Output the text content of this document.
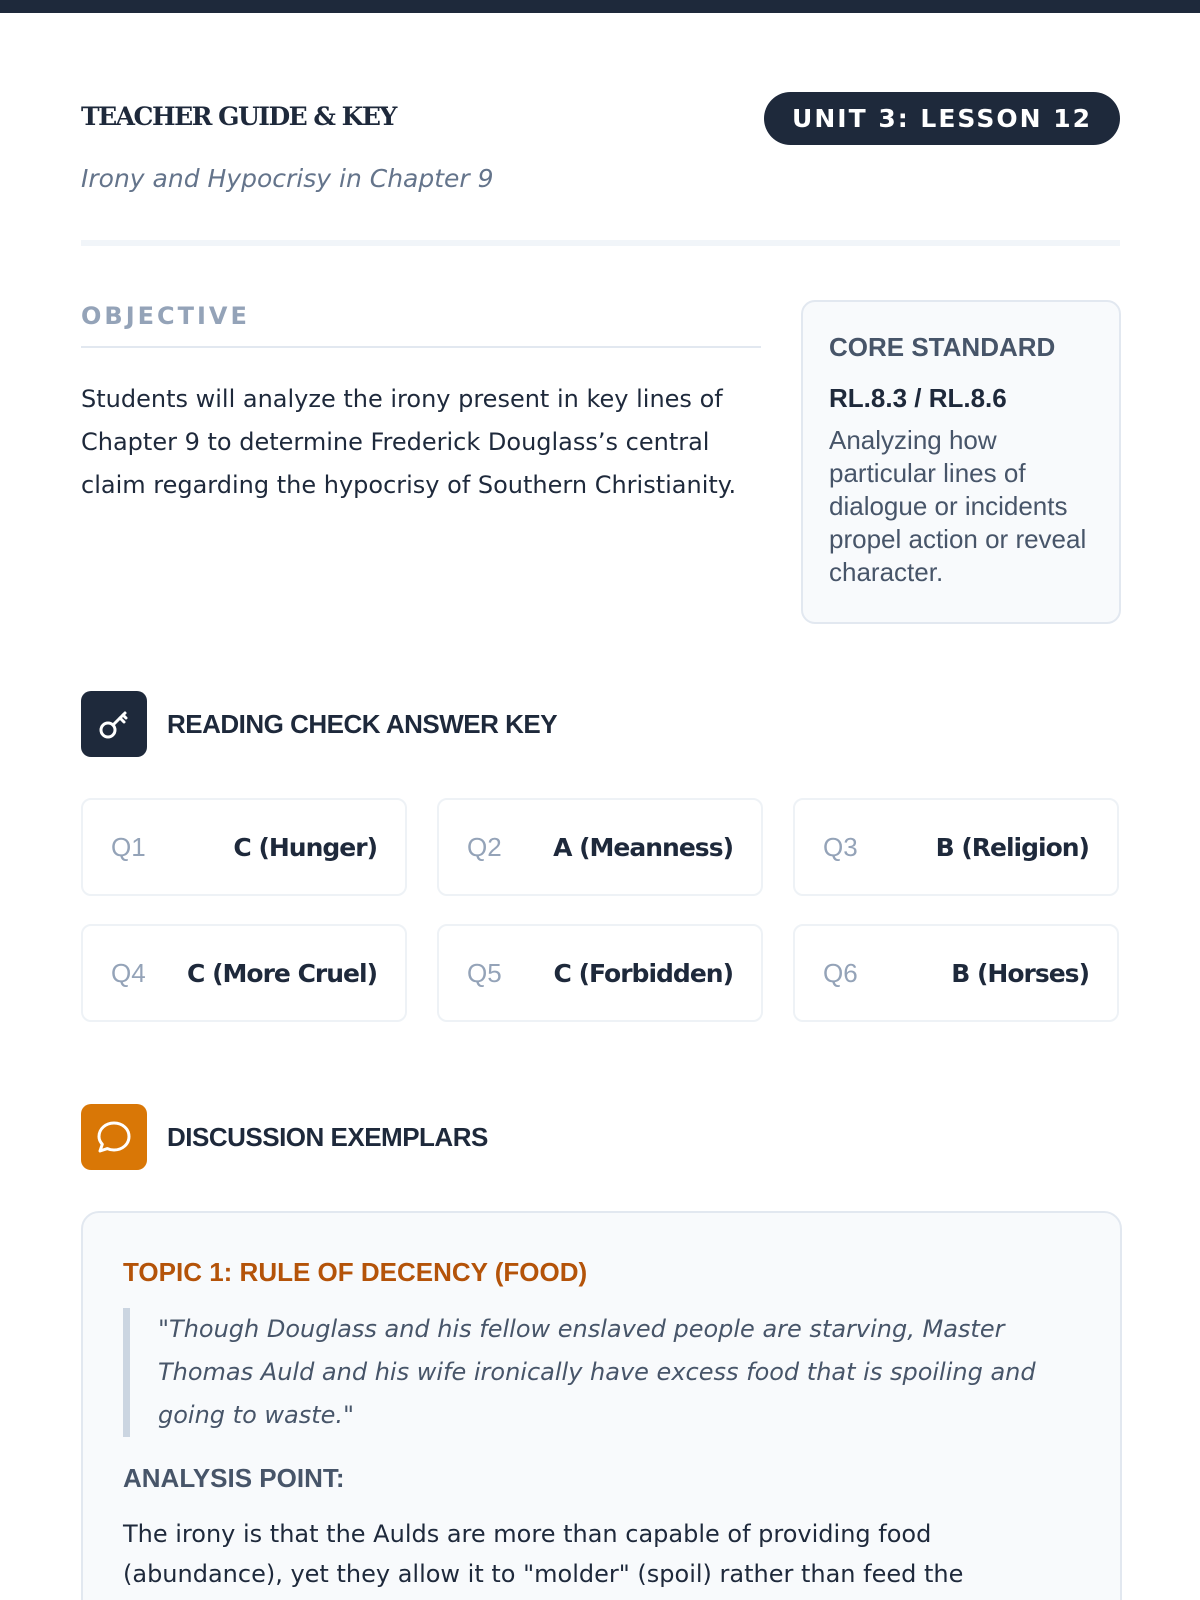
TEACHER GUIDE & KEY	UNIT 3: LESSON 12
Irony and Hypocrisy in Chapter 9
OBJECTIVE

Students will analyze the irony present in key lines of Chapter 9 to determine Frederick Douglass’s central claim regarding the hypocrisy of Southern Christianity.

CORE STANDARD
RL.8.3 / RL.8.6
Analyzing how particular lines of dialogue or incidents propel action or reveal character.
READING CHECK ANSWER KEY
Q1	C (Hunger)	Q2 A (Meanness)	Q3	B (Religion)
Q4 C (More Cruel)	Q5 C (Forbidden)	Q6	B (Horses)
DISCUSSION EXEMPLARS
TOPIC 1: RULE OF DECENCY (FOOD)
"Though Douglass and his fellow enslaved people are starving, Master Thomas Auld and his wife ironically have excess food that is spoiling and going to waste."
ANALYSIS POINT:

The irony is that the Aulds are more than capable of providing food (abundance), yet they allow it to "molder" (spoil) rather than feed the
